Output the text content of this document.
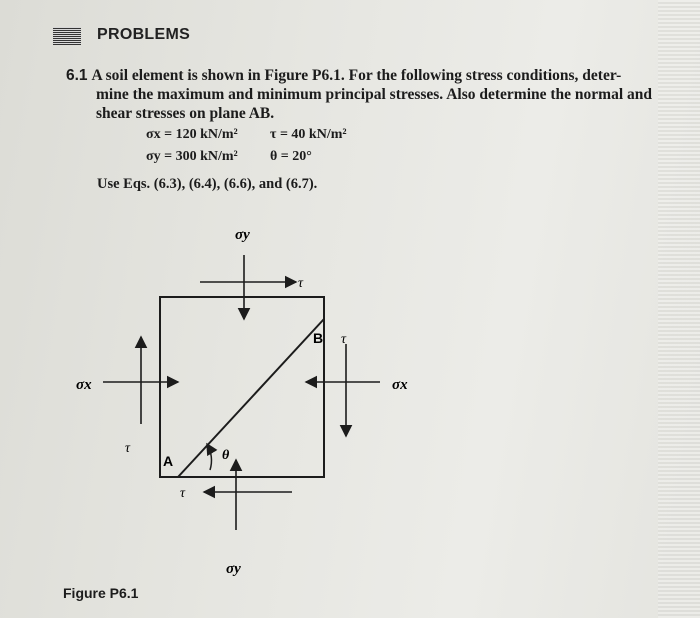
PROBLEMS
6.1 A soil element is shown in Figure P6.1. For the following stress conditions, deter-
mine the maximum and minimum principal stresses. Also determine the normal and
shear stresses on plane AB.
σx = 120 kN/m² τ = 40 kN/m²
σy = 300 kN/m² θ = 20°
Use Eqs. (6.3), (6.4), (6.6), and (6.7).
σy
σy
σx	σx
τ
τ
τ
τ
A
B
θ
Figure P6.1
